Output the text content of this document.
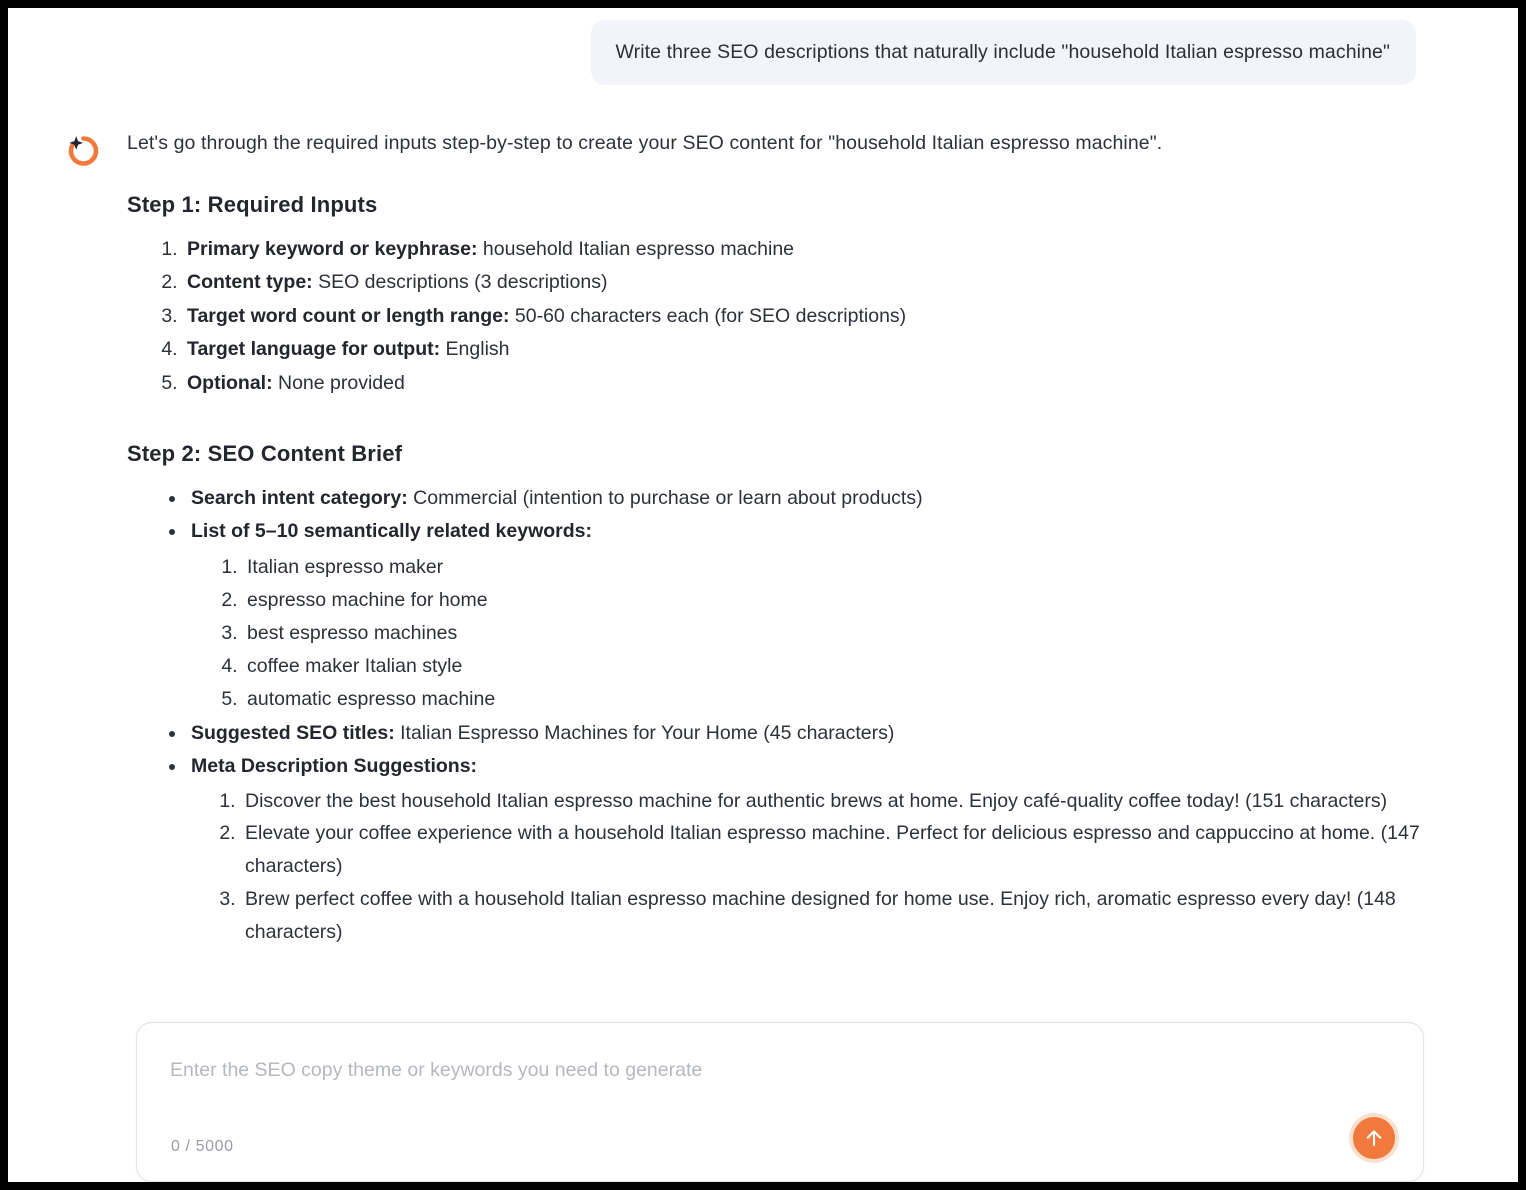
Write three SEO descriptions that naturally include "household Italian espresso machine"

Let's go through the required inputs step-by-step to create your SEO content for "household Italian espresso machine".

Step 1: Required Inputs
1. Primary keyword or keyphrase: household Italian espresso machine
2. Content type: SEO descriptions (3 descriptions)
3. Target word count or length range: 50-60 characters each (for SEO descriptions)
4. Target language for output: English
5. Optional: None provided
Step 2: SEO Content Brief
• Search intent category: Commercial (intention to purchase or learn about products)
• List of 5–10 semantically related keywords:
1. Italian espresso maker
2. espresso machine for home
3. best espresso machines
4. coffee maker Italian style
5. automatic espresso machine
• Suggested SEO titles: Italian Espresso Machines for Your Home (45 characters)
• Meta Description Suggestions:
1. Discover the best household Italian espresso machine for authentic brews at home. Enjoy café-quality coffee today! (151 characters)
2. Elevate your coffee experience with a household Italian espresso machine. Perfect for delicious espresso and cappuccino at home. (147 characters)
3. Brew perfect coffee with a household Italian espresso machine designed for home use. Enjoy rich, aromatic espresso every day! (148 characters)
Enter the SEO copy theme or keywords you need to generate
0 / 5000
